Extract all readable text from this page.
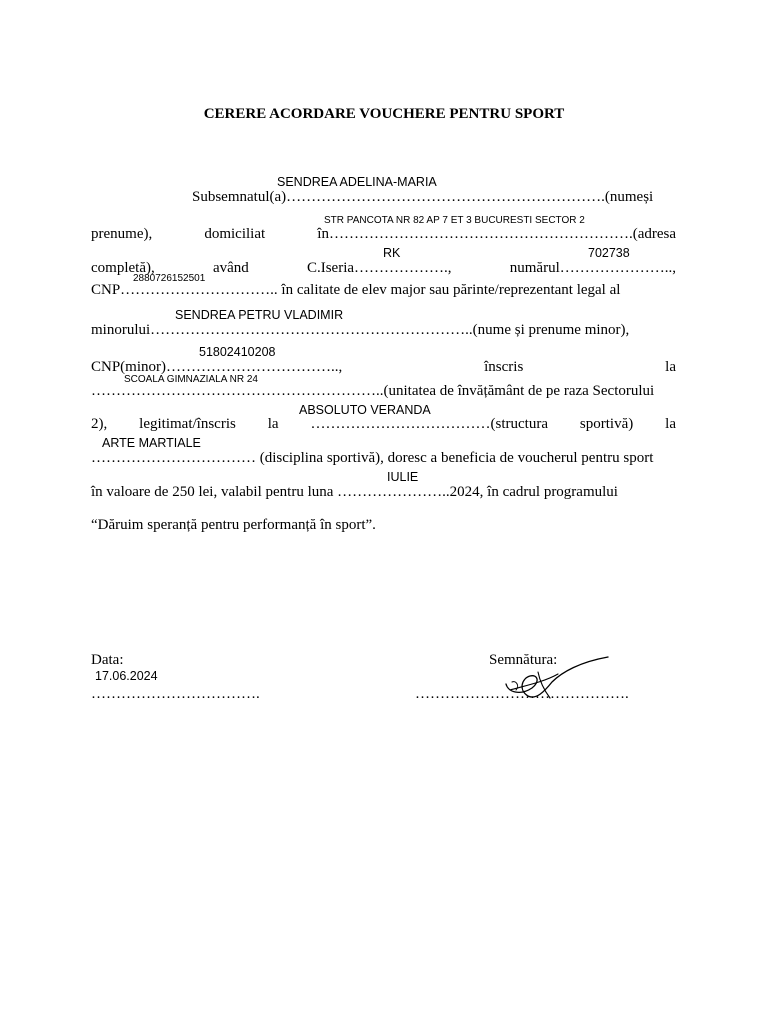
CERERE ACORDARE VOUCHERE PENTRU SPORT
SENDREA ADELINA-MARIA
STR PANCOTA NR 82 AP 7 ET 3 BUCURESTI SECTOR 2
RK	702738
2880726152501
SENDREA PETRU VLADIMIR
51802410208
SCOALA GIMNAZIALA NR 24
ABSOLUTO VERANDA
ARTE MARTIALE
IULIE
17.06.2024
Subsemnatul(a)……………………………………………………….(numeși
prenume),	domiciliat	în…………………………………………………….(adresa
completă),	având	C.Iseria……………….,	numărul…………………..,
CNP………………………….. în calitate de elev major sau părinte/reprezentant legal al
minorului………………………………………………………..(nume și prenume minor),
CNP(minor)……………………………..,	înscris	la
…………………………………………………..(unitatea de învățământ de pe raza Sectorului
2), legitimat/înscris la ………………………………(structura sportivă) la
…………………………… (disciplina sportivă), doresc a beneficia de voucherul pentru sport
în valoare de 250 lei, valabil pentru luna …………………..2024, în cadrul programului
“Dăruim speranță pentru performanță în sport”.
Data:	Semnătura:
…………………………….	…………………………………….
